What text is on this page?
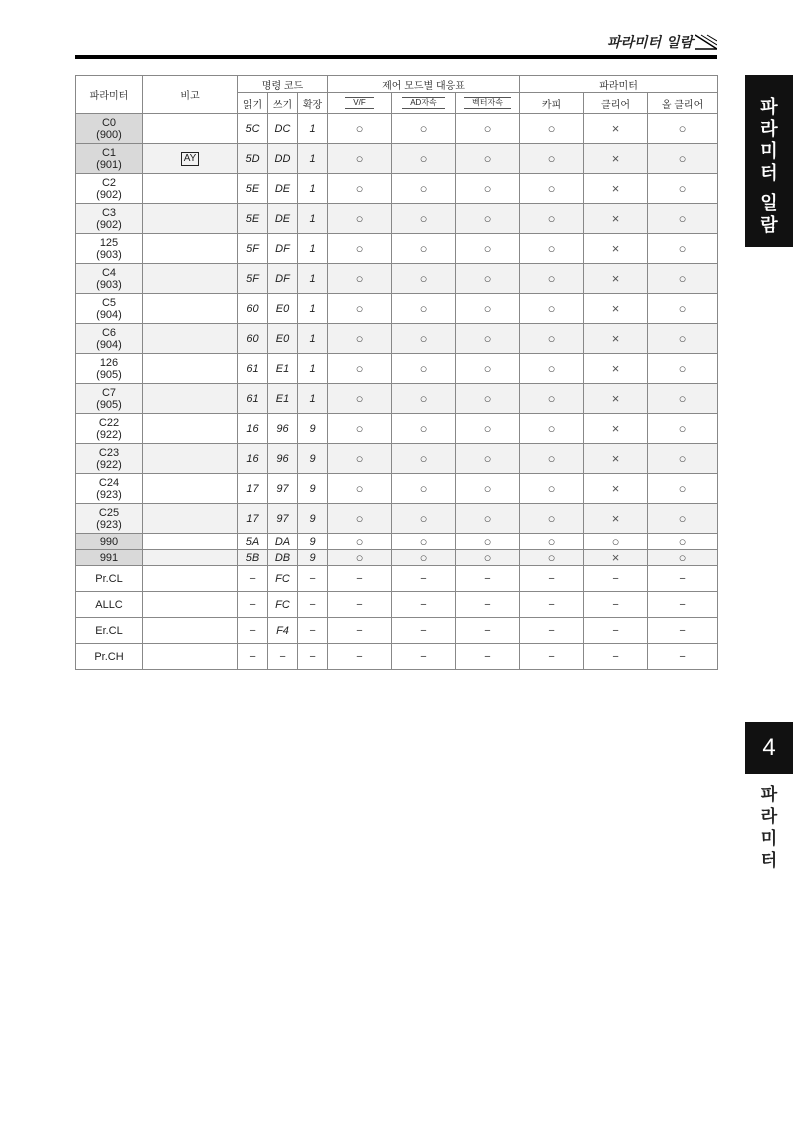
파라미터 일람
파
라
미
터
일
람
4
파
라
미
터
파라미터	비고	명령 코드			제어 모드별 대응표			파라미터		
		읽기	쓰기	확장	V/F	AD자속	벡터자속	카피	클리어	올 클리어

C0
(900)		5C	DC	1	○	○	○	○	×	○

C1
(901)	AY	5D	DD	1	○	○	○	○	×	○

C2
(902)		5E	DE	1	○	○	○	○	×	○

C3
(902)		5E	DE	1	○	○	○	○	×	○

125
(903)		5F	DF	1	○	○	○	○	×	○

C4
(903)		5F	DF	1	○	○	○	○	×	○

C5
(904)		60	E0	1	○	○	○	○	×	○

C6
(904)		60	E0	1	○	○	○	○	×	○

126
(905)		61	E1	1	○	○	○	○	×	○

C7
(905)		61	E1	1	○	○	○	○	×	○

C22
(922)		16	96	9	○	○	○	○	×	○

C23
(922)		16	96	9	○	○	○	○	×	○

C24
(923)		17	97	9	○	○	○	○	×	○

C25
(923)		17	97	9	○	○	○	○	×	○

990		5A	DA	9	○	○	○	○	○	○

991		5B	DB	9	○	○	○	○	×	○

Pr.CL		−	FC	−	−	−	−	−	−	−

ALLC		−	FC	−	−	−	−	−	−	−

Er.CL		−	F4	−	−	−	−	−	−	−

Pr.CH		−	−	−	−	−	−	−	−	−
